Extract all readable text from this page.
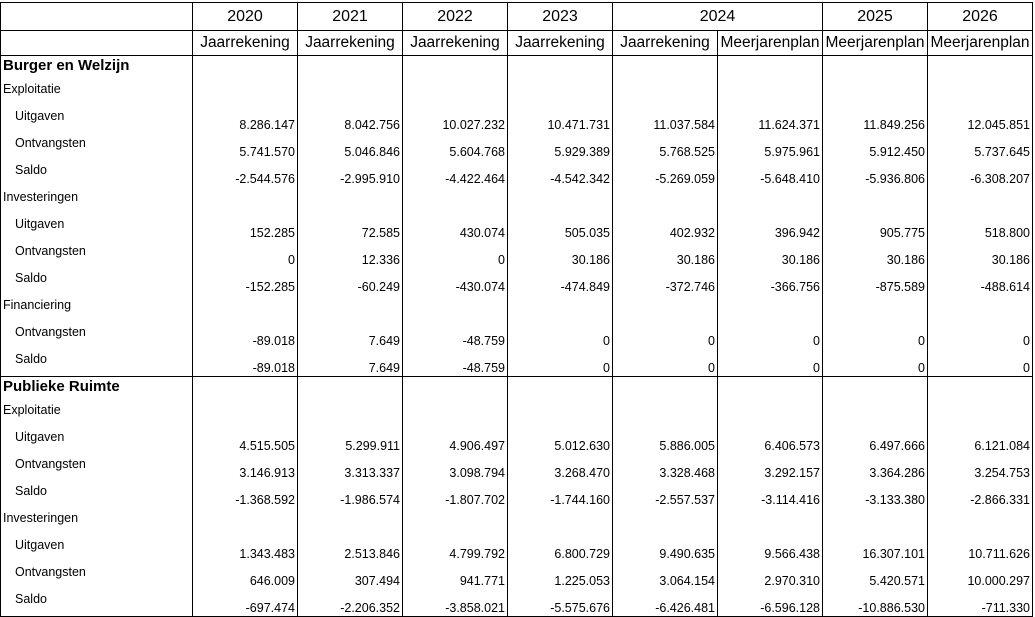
	2020	2021	2022	2023	2024		2025	2026
	Jaarrekening	Jaarrekening	Jaarrekening	Jaarrekening	Jaarrekening	Meerjarenplan	Meerjarenplan	Meerjarenplan
Burger en Welzijn								
Exploitatie								
Uitgaven	8.286.147	8.042.756	10.027.232	10.471.731	11.037.584	11.624.371	11.849.256	12.045.851
Ontvangsten	5.741.570	5.046.846	5.604.768	5.929.389	5.768.525	5.975.961	5.912.450	5.737.645
Saldo	-2.544.576	-2.995.910	-4.422.464	-4.542.342	-5.269.059	-5.648.410	-5.936.806	-6.308.207
Investeringen								
Uitgaven	152.285	72.585	430.074	505.035	402.932	396.942	905.775	518.800
Ontvangsten	0	12.336	0	30.186	30.186	30.186	30.186	30.186
Saldo	-152.285	-60.249	-430.074	-474.849	-372.746	-366.756	-875.589	-488.614
Financiering								
Ontvangsten	-89.018	7.649	-48.759	0	0	0	0	0
Saldo	-89.018	7.649	-48.759	0	0	0	0	0
Publieke Ruimte								
Exploitatie								
Uitgaven	4.515.505	5.299.911	4.906.497	5.012.630	5.886.005	6.406.573	6.497.666	6.121.084
Ontvangsten	3.146.913	3.313.337	3.098.794	3.268.470	3.328.468	3.292.157	3.364.286	3.254.753
Saldo	-1.368.592	-1.986.574	-1.807.702	-1.744.160	-2.557.537	-3.114.416	-3.133.380	-2.866.331
Investeringen								
Uitgaven	1.343.483	2.513.846	4.799.792	6.800.729	9.490.635	9.566.438	16.307.101	10.711.626
Ontvangsten	646.009	307.494	941.771	1.225.053	3.064.154	2.970.310	5.420.571	10.000.297
Saldo	-697.474	-2.206.352	-3.858.021	-5.575.676	-6.426.481	-6.596.128	-10.886.530	-711.330
